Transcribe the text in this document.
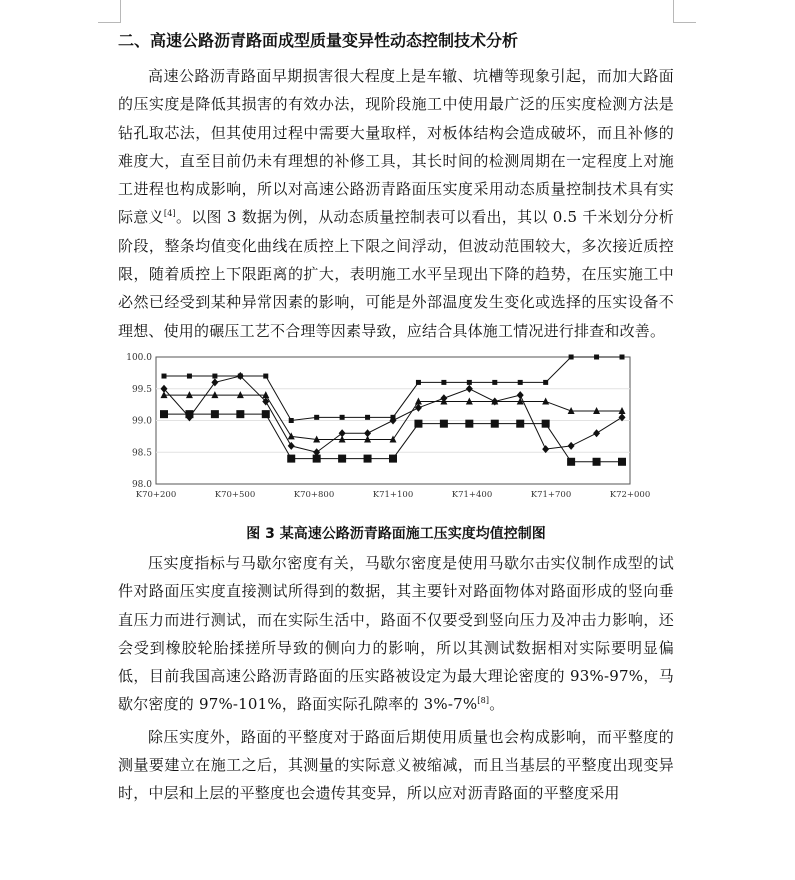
二、高速公路沥青路面成型质量变异性动态控制技术分析

高速公路沥青路面早期损害很大程度上是车辙、坑槽等现象引起，而加大路面的压实度是降低其损害的有效办法，现阶段施工中使用最广泛的压实度检测方法是钻孔取芯法，但其使用过程中需要大量取样，对板体结构会造成破坏，而且补修的难度大，直至目前仍未有理想的补修工具，其长时间的检测周期在一定程度上对施工进程也构成影响，所以对高速公路沥青路面压实度采用动态质量控制技术具有实际意义[4]。以图 3 数据为例，从动态质量控制表可以看出，其以 0.5 千米划分分析阶段，整条均值变化曲线在质控上下限之间浮动，但波动范围较大，多次接近质控限，随着质控上下限距离的扩大，表明施工水平呈现出下降的趋势，在压实施工中必然已经受到某种异常因素的影响，可能是外部温度发生变化或选择的压实设备不理想、使用的碾压工艺不合理等因素导致，应结合具体施工情况进行排查和改善。

98.0
98.5
99.0
99.5
100.0
K70+200	K70+500	K70+800	K71+100	K71+400	K71+700	K72+000
图 3 某高速公路沥青路面施工压实度均值控制图

压实度指标与马歇尔密度有关，马歇尔密度是使用马歇尔击实仪制作成型的试件对路面压实度直接测试所得到的数据，其主要针对路面物体对路面形成的竖向垂直压力而进行测试，而在实际生活中，路面不仅要受到竖向压力及冲击力影响，还会受到橡胶轮胎揉搓所导致的侧向力的影响，所以其测试数据相对实际要明显偏低，目前我国高速公路沥青路面的压实路被设定为最大理论密度的 93%-97%，马歇尔密度的 97%-101%，路面实际孔隙率的 3%-7%[8]。

除压实度外，路面的平整度对于路面后期使用质量也会构成影响，而平整度的测量要建立在施工之后，其测量的实际意义被缩减，而且当基层的平整度出现变异时，中层和上层的平整度也会遗传其变异，所以应对沥青路面的平整度采用
